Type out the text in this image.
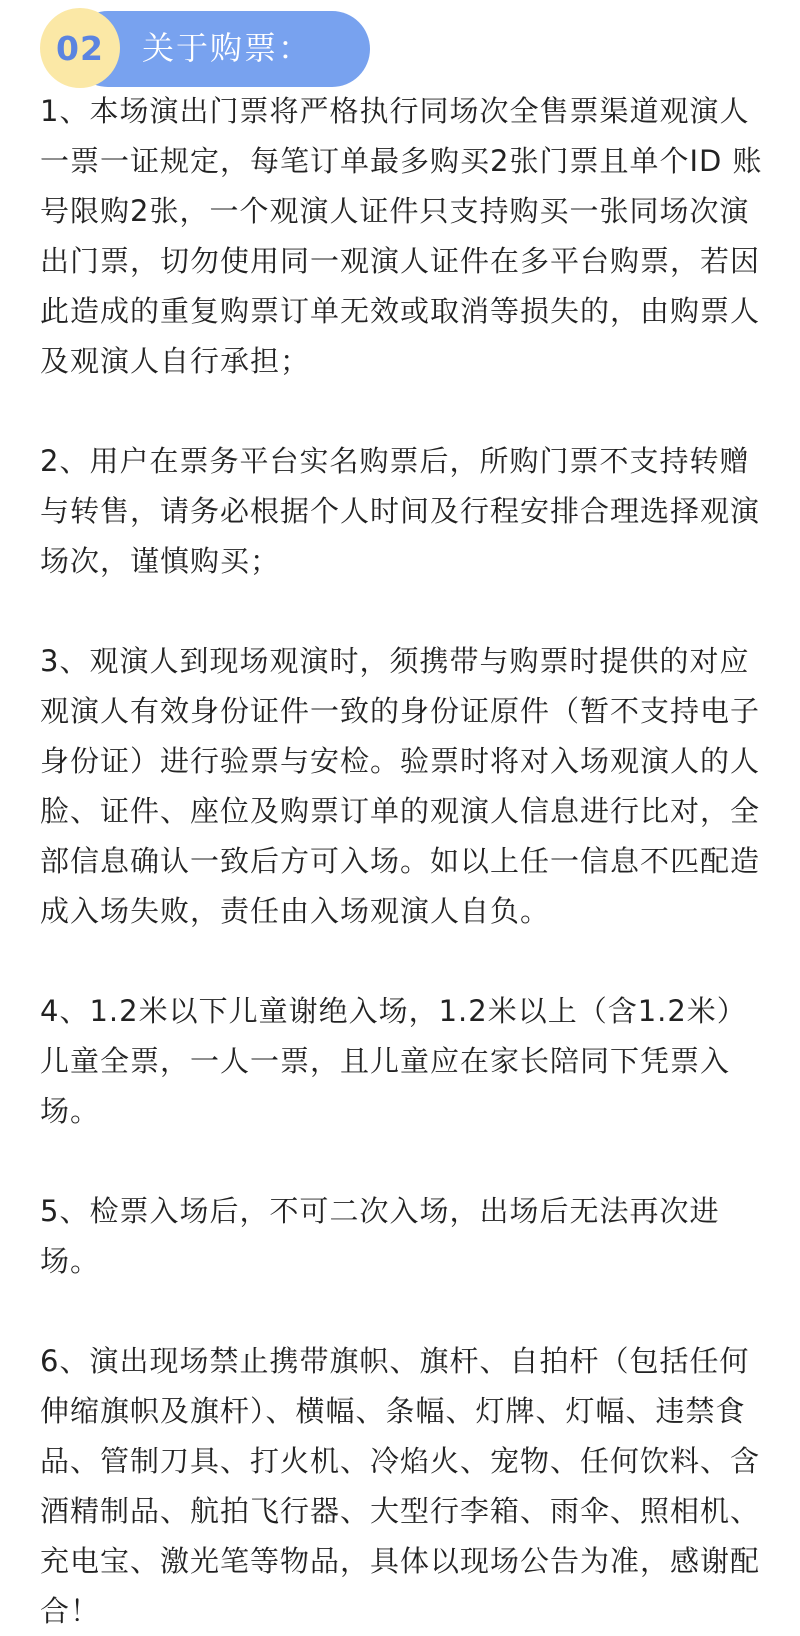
02 关于购票：

1、本场演出门票将严格执行同场次全售票渠道观演人一票一证规定，每笔订单最多购买2张门票且单个ID 账号限购2张，一个观演人证件只支持购买一张同场次演出门票，切勿使用同一观演人证件在多平台购票，若因此造成的重复购票订单无效或取消等损失的，由购票人及观演人自行承担；

2、用户在票务平台实名购票后，所购门票不支持转赠与转售，请务必根据个人时间及行程安排合理选择观演场次，谨慎购买；

3、观演人到现场观演时，须携带与购票时提供的对应观演人有效身份证件一致的身份证原件（暂不支持电子身份证）进行验票与安检。验票时将对入场观演人的人脸、证件、座位及购票订单的观演人信息进行比对，全部信息确认一致后方可入场。如以上任一信息不匹配造成入场失败，责任由入场观演人自负。

4、1.2米以下儿童谢绝入场，1.2米以上（含1.2米）儿童全票，一人一票，且儿童应在家长陪同下凭票入场。

5、检票入场后，不可二次入场，出场后无法再次进场。

6、演出现场禁止携带旗帜、旗杆、自拍杆（包括任何伸缩旗帜及旗杆）、横幅、条幅、灯牌、灯幅、违禁食品、管制刀具、打火机、冷焰火、宠物、任何饮料、含酒精制品、航拍飞行器、大型行李箱、雨伞、照相机、充电宝、激光笔等物品，具体以现场公告为准，感谢配合！
